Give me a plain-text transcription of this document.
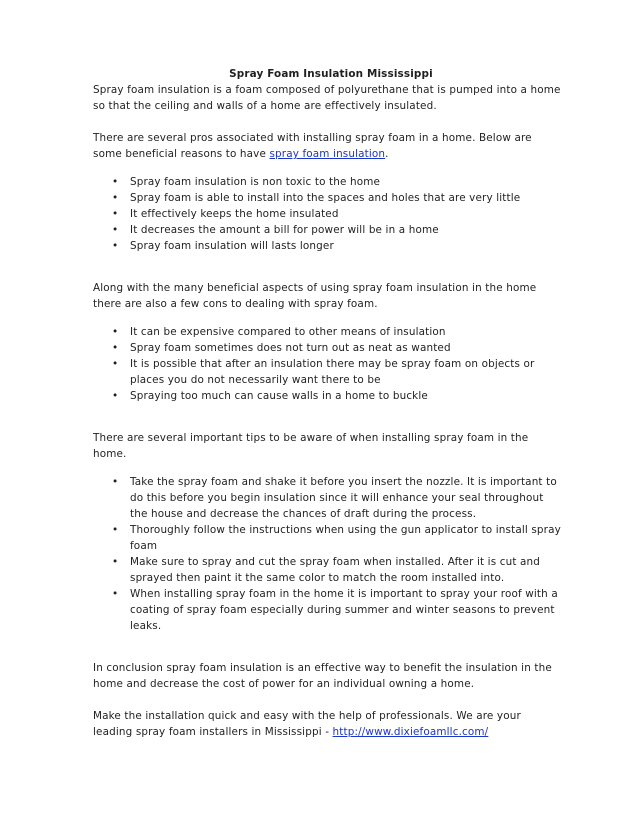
Spray Foam Insulation Mississippi

Spray foam insulation is a foam composed of polyurethane that is pumped into a home so that the ceiling and walls of a home are effectively insulated.

There are several pros associated with installing spray foam in a home. Below are some beneficial reasons to have spray foam insulation.

• Spray foam insulation is non toxic to the home
• Spray foam is able to install into the spaces and holes that are very little
• It effectively keeps the home insulated
• It decreases the amount a bill for power will be in a home
• Spray foam insulation will lasts longer

Along with the many beneficial aspects of using spray foam insulation in the home there are also a few cons to dealing with spray foam.

• It can be expensive compared to other means of insulation
• Spray foam sometimes does not turn out as neat as wanted
• It is possible that after an insulation there may be spray foam on objects or places you do not necessarily want there to be
• Spraying too much can cause walls in a home to buckle

There are several important tips to be aware of when installing spray foam in the home.

• Take the spray foam and shake it before you insert the nozzle. It is important to do this before you begin insulation since it will enhance your seal throughout the house and decrease the chances of draft during the process.
• Thoroughly follow the instructions when using the gun applicator to install spray foam
• Make sure to spray and cut the spray foam when installed. After it is cut and sprayed then paint it the same color to match the room installed into.
• When installing spray foam in the home it is important to spray your roof with a coating of spray foam especially during summer and winter seasons to prevent leaks.

In conclusion spray foam insulation is an effective way to benefit the insulation in the home and decrease the cost of power for an individual owning a home.

Make the installation quick and easy with the help of professionals. We are your leading spray foam installers in Mississippi - http://www.dixiefoamllc.com/
